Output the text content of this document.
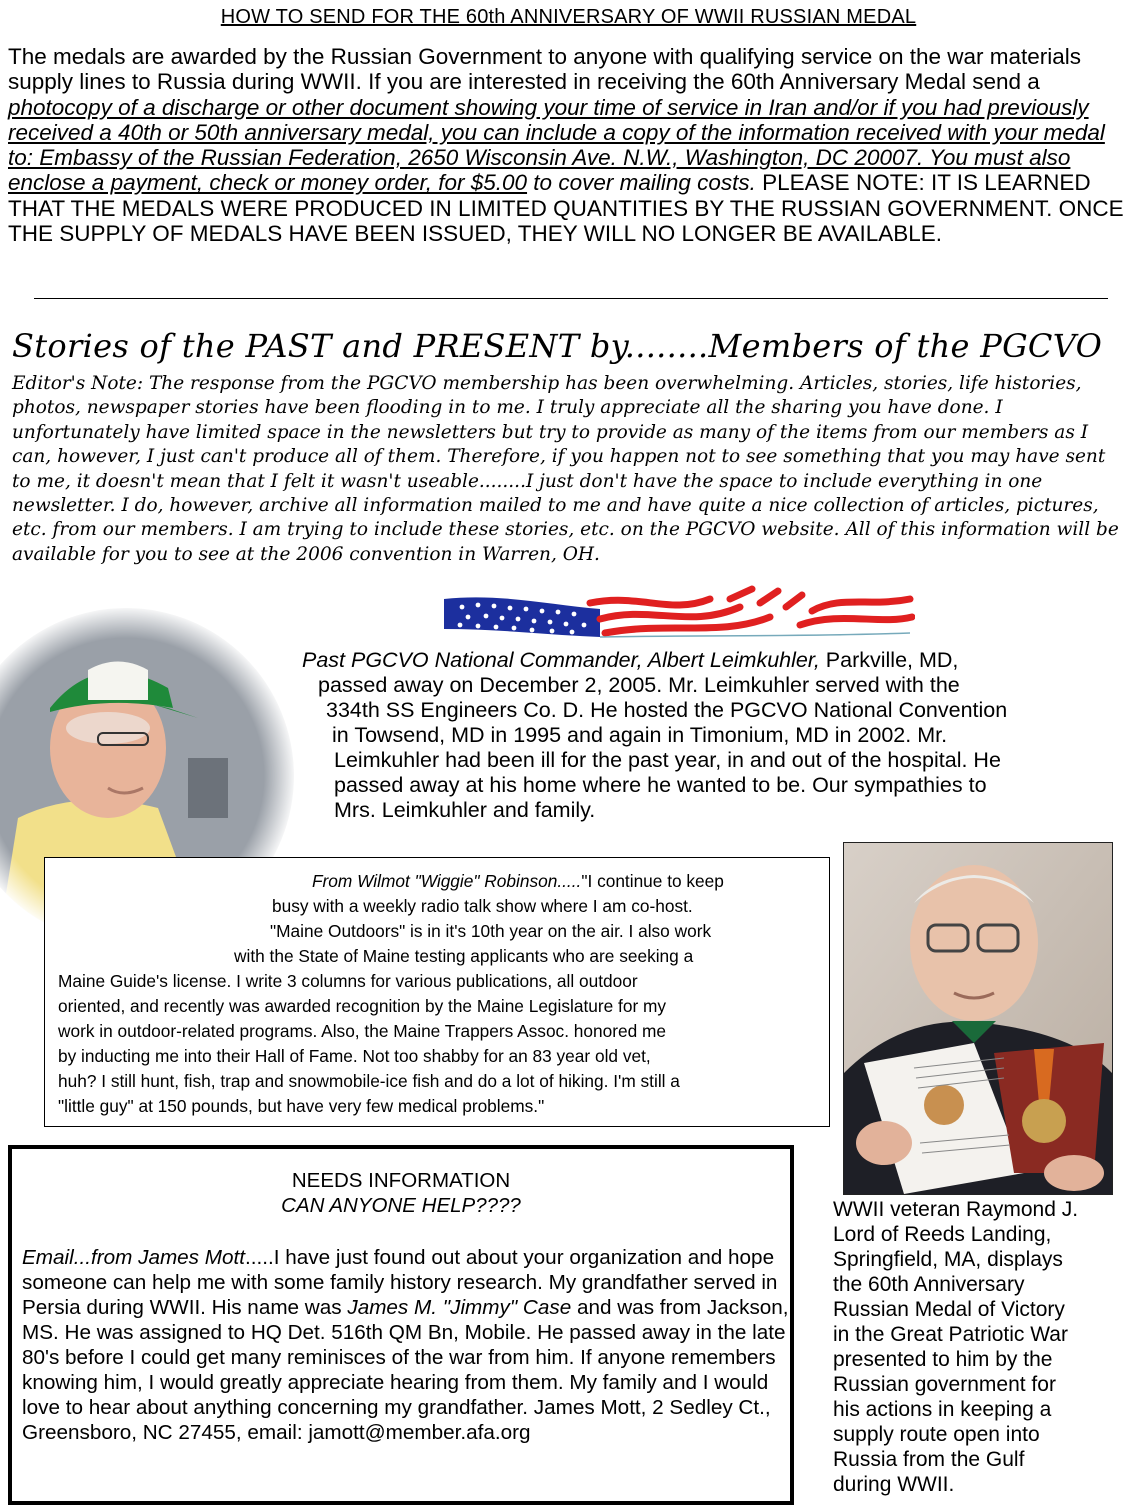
HOW TO SEND FOR THE 60th ANNIVERSARY OF WWII RUSSIAN MEDAL
The medals are awarded by the Russian Government to anyone with qualifying service on the war materials supply lines to Russia during WWII. If you are interested in receiving the 60th Anniversary Medal send a photocopy of a discharge or other document showing your time of service in Iran and/or if you had previously received a 40th or 50th anniversary medal, you can include a copy of the information received with your medal to: Embassy of the Russian Federation, 2650 Wisconsin Ave. N.W., Washington, DC 20007. You must also enclose a payment, check or money order, for $5.00 to cover mailing costs. PLEASE NOTE: IT IS LEARNED THAT THE MEDALS WERE PRODUCED IN LIMITED QUANTITIES BY THE RUSSIAN GOVERNMENT. ONCE THE SUPPLY OF MEDALS HAVE BEEN ISSUED, THEY WILL NO LONGER BE AVAILABLE.
Stories of the PAST and PRESENT by........Members of the PGCVO
Editor's Note: The response from the PGCVO membership has been overwhelming. Articles, stories, life histories, photos, newspaper stories have been flooding in to me. I truly appreciate all the sharing you have done. I unfortunately have limited space in the newsletters but try to provide as many of the items from our members as I can, however, I just can't produce all of them. Therefore, if you happen not to see something that you may have sent to me, it doesn't mean that I felt it wasn't useable........I just don't have the space to include everything in one newsletter. I do, however, archive all information mailed to me and have quite a nice collection of articles, pictures, etc. from our members. I am trying to include these stories, etc. on the PGCVO website. All of this information will be available for you to see at the 2006 convention in Warren, OH.
Past PGCVO National Commander, Albert Leimkuhler, Parkville, MD,
passed away on December 2, 2005. Mr. Leimkuhler served with the
334th SS Engineers Co. D. He hosted the PGCVO National Convention
in Towsend, MD in 1995 and again in Timonium, MD in 2002. Mr.
Leimkuhler had been ill for the past year, in and out of the hospital. He
passed away at his home where he wanted to be. Our sympathies to
Mrs. Leimkuhler and family.
From Wilmot "Wiggie" Robinson....."I continue to keep
busy with a weekly radio talk show where I am co-host.
"Maine Outdoors" is in it's 10th year on the air. I also work
with the State of Maine testing applicants who are seeking a
Maine Guide's license. I write 3 columns for various publications, all outdoor
oriented, and recently was awarded recognition by the Maine Legislature for my
work in outdoor-related programs. Also, the Maine Trappers Assoc. honored me
by inducting me into their Hall of Fame. Not too shabby for an 83 year old vet,
huh? I still hunt, fish, trap and snowmobile-ice fish and do a lot of hiking. I'm still a
"little guy" at 150 pounds, but have very few medical problems."
WWII veteran Raymond J.
Lord of Reeds Landing,
Springfield, MA, displays
the 60th Anniversary
Russian Medal of Victory
in the Great Patriotic War
presented to him by the
Russian government for
his actions in keeping a
supply route open into
Russia from the Gulf
during WWII.
NEEDS INFORMATION
CAN ANYONE HELP????
Email...from James Mott.....I have just found out about your organization and hope someone can help me with some family history research. My grandfather served in Persia during WWII. His name was James M. "Jimmy" Case and was from Jackson, MS. He was assigned to HQ Det. 516th QM Bn, Mobile. He passed away in the late 80's before I could get many reminisces of the war from him. If anyone remembers knowing him, I would greatly appreciate hearing from them. My family and I would love to hear about anything concerning my grandfather. James Mott, 2 Sedley Ct., Greensboro, NC 27455, email: jamott@member.afa.org
